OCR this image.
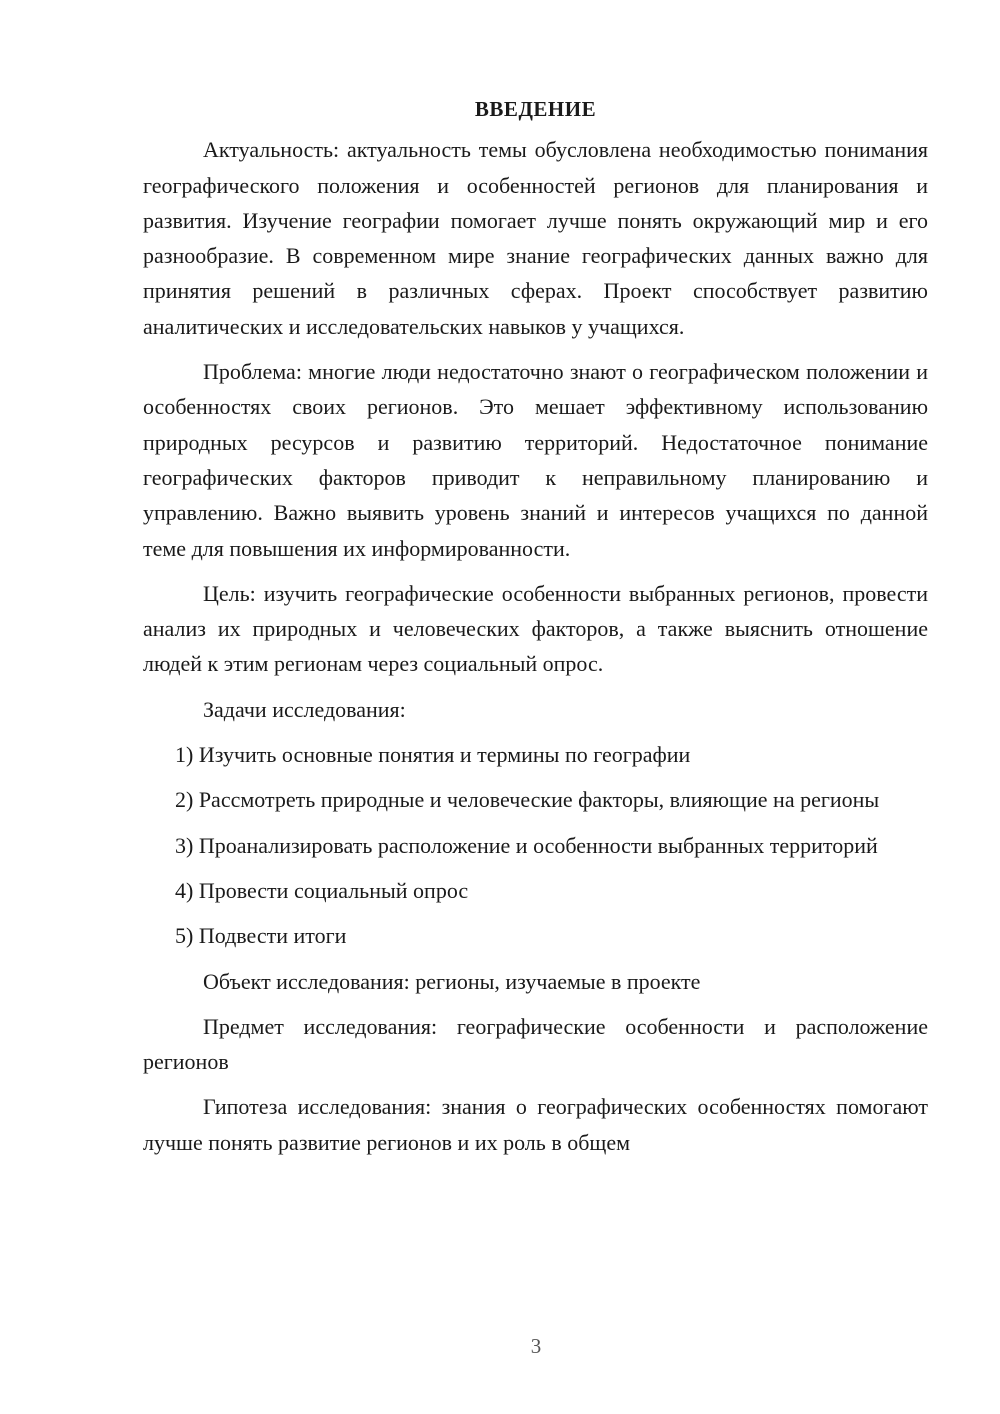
ВВЕДЕНИЕ

Актуальность: актуальность темы обусловлена необходимостью понимания географического положения и особенностей регионов для планирования и развития. Изучение географии помогает лучше понять окружающий мир и его разнообразие. В современном мире знание географических данных важно для принятия решений в различных сферах. Проект способствует развитию аналитических и исследовательских навыков у учащихся.

Проблема: многие люди недостаточно знают о географическом положении и особенностях своих регионов. Это мешает эффективному использованию природных ресурсов и развитию территорий. Недостаточное понимание географических факторов приводит к неправильному планированию и управлению. Важно выявить уровень знаний и интересов учащихся по данной теме для повышения их информированности.

Цель: изучить географические особенности выбранных регионов, провести анализ их природных и человеческих факторов, а также выяснить отношение людей к этим регионам через социальный опрос.

Задачи исследования:

1) Изучить основные понятия и термины по географии

2) Рассмотреть природные и человеческие факторы, влияющие на регионы

3) Проанализировать расположение и особенности выбранных территорий

4) Провести социальный опрос

5) Подвести итоги

Объект исследования: регионы, изучаемые в проекте

Предмет исследования: географические особенности и расположение регионов

Гипотеза исследования: знания о географических особенностях помогают лучше понять развитие регионов и их роль в общем

3
